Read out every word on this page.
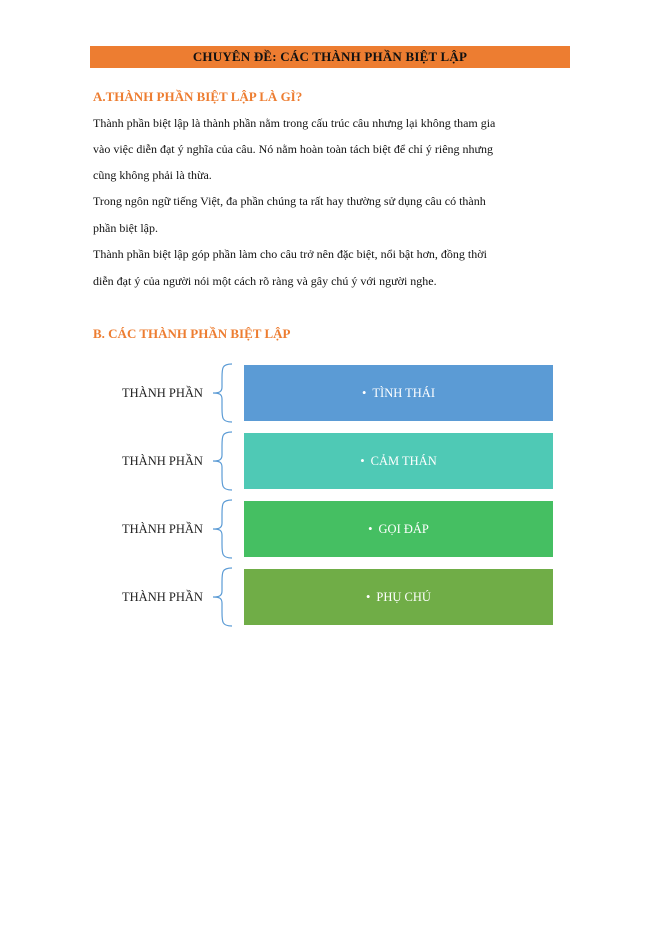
CHUYÊN ĐỀ: CÁC THÀNH PHẦN BIỆT LẬP
A.THÀNH PHẦN BIỆT LẬP LÀ GÌ?

Thành phần biệt lập là thành phần nằm trong cấu trúc câu nhưng lại không tham gia

vào việc diễn đạt ý nghĩa của câu. Nó nằm hoàn toàn tách biệt để chỉ ý riêng nhưng

cũng không phải là thừa.

Trong ngôn ngữ tiếng Việt, đa phần chúng ta rất hay thường sử dụng câu có thành

phần biệt lập.

Thành phần biệt lập góp phần làm cho câu trở nên đặc biệt, nổi bật hơn, đồng thời

diễn đạt ý của người nói một cách rõ ràng và gây chú ý với người nghe.

B. CÁC THÀNH PHẦN BIỆT LẬP
THÀNH PHẦN	• TÌNH THÁI
THÀNH PHẦN	• CẢM THÁN
THÀNH PHẦN	• GỌI ĐÁP
THÀNH PHẦN	• PHỤ CHÚ
